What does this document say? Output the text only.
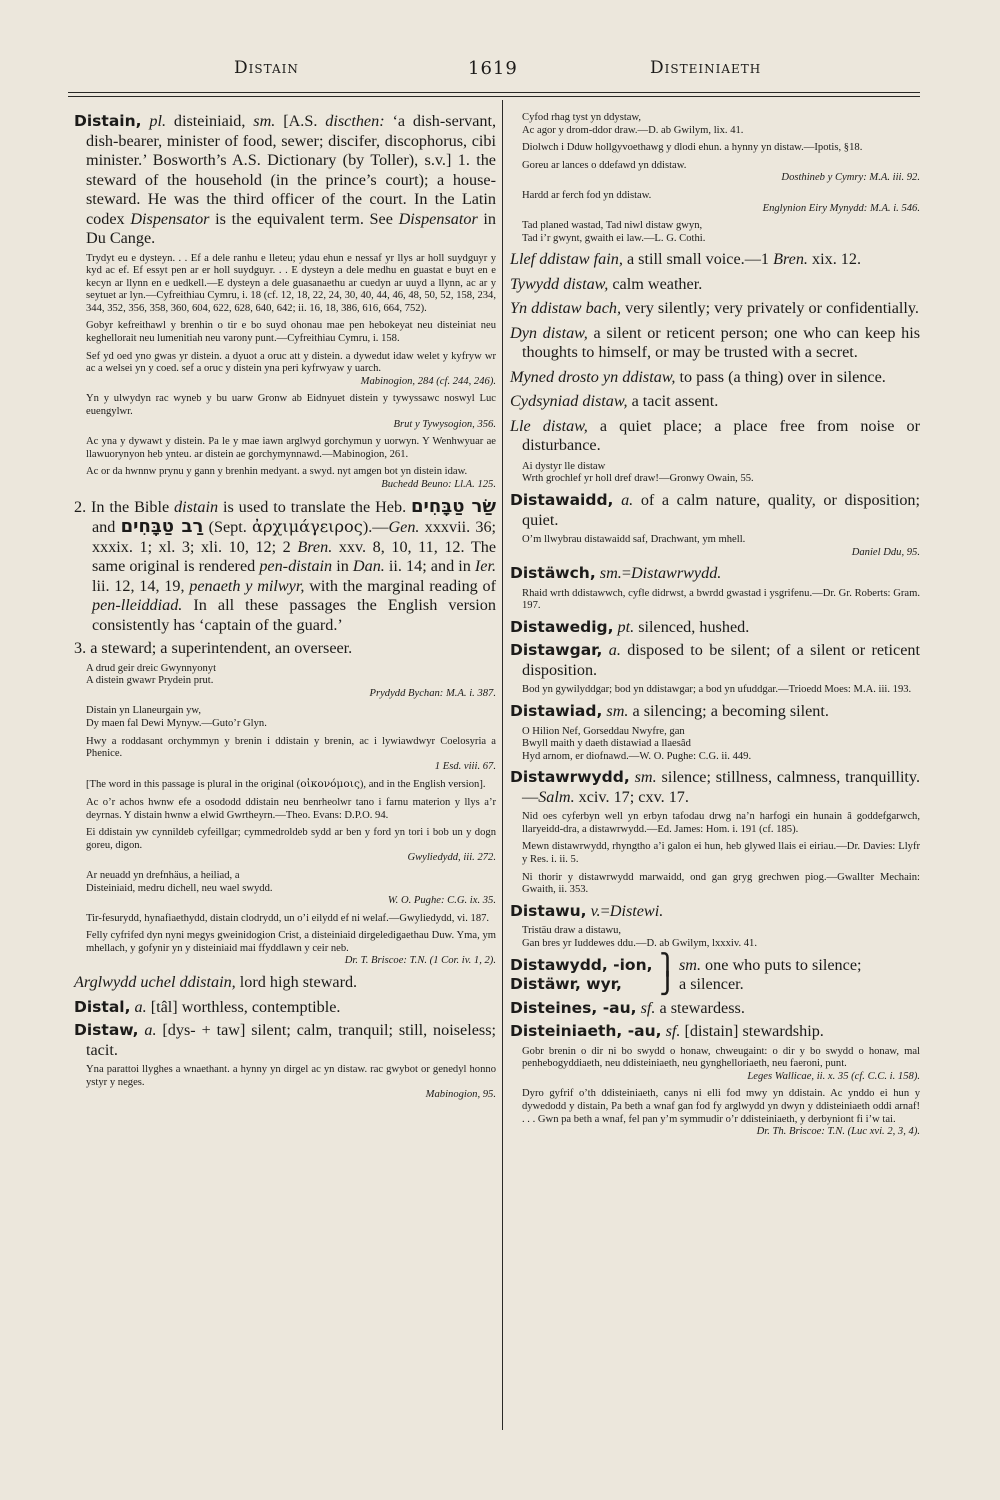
Distain	1619	Disteiniaeth

Distain, pl. disteiniaid, sm. [A.S. discthen: ‘a dish-servant, dish-bearer, minister of food, sewer; discifer, discophorus, cibi minister.’ Bosworth’s A.S. Dictionary (by Toller), s.v.] 1. the steward of the household (in the prince’s court); a house-steward. He was the third officer of the court. In the Latin codex Dispensator is the equivalent term. See Dispensator in Du Cange.

Trydyt eu e dysteyn. . . Ef a dele ranhu e lleteu; ydau ehun e nessaf yr llys ar holl suydguyr y kyd ac ef. Ef essyt pen ar er holl suydguyr. . . E dysteyn a dele medhu en guastat e buyt en e kecyn ar llynn en e uedkell.—E dysteyn a dele guasanaethu ar cuedyn ar uuyd a llynn, ac ar y seytuet ar lyn.—Cyfreithiau Cymru, i. 18 (cf. 12, 18, 22, 24, 30, 40, 44, 46, 48, 50, 52, 158, 234, 344, 352, 356, 358, 360, 604, 622, 628, 640, 642; ii. 16, 18, 386, 616, 664, 752).

Gobyr kefreithawl y brenhin o tir e bo suyd ohonau mae pen hebokeyat neu disteiniat neu keghellorait neu lumenitiah neu varony punt.—Cyfreithiau Cymru, i. 158.

Sef yd oed yno gwas yr distein. a dyuot a oruc att y distein. a dywedut idaw welet y kyfryw wr ac a welsei yn y coed. sef a oruc y distein yna peri kyfrwyaw y uarch.
Mabinogion, 284 (cf. 244, 246).

Yn y ulwydyn rac wyneb y bu uarw Gronw ab Eidnyuet distein y tywyssawc noswyl Luc euengylwr.
Brut y Tywysogion, 356.

Ac yna y dywawt y distein. Pa le y mae iawn arglwyd gorchymun y uorwyn. Y Wenhwyuar ae llawuorynyon heb ynteu. ar distein ae gorchymynnawd.—Mabinogion, 261.

Ac or da hwnnw prynu y gann y brenhin medyant. a swyd. nyt amgen bot yn distein idaw.
Buchedd Beuno: Ll.A. 125.

2. In the Bible distain is used to translate the Heb. שַׂר טַבָּחִים and רַב טַבָּחִים (Sept. ἀρχιμάγειρος).—Gen. xxxvii. 36; xxxix. 1; xl. 3; xli. 10, 12; 2 Bren. xxv. 8, 10, 11, 12. The same original is rendered pen-distain in Dan. ii. 14; and in Ier. lii. 12, 14, 19, penaeth y milwyr, with the marginal reading of pen-lleiddiad. In all these passages the English version consistently has ‘captain of the guard.’

3. a steward; a superintendent, an overseer.

A drud geir dreic Gwynnyonyt
A distein gwawr Prydein prut.
Prydydd Bychan: M.A. i. 387.

Distain yn Llaneurgain yw,
Dy maen fal Dewi Mynyw.—Guto’r Glyn.

Hwy a roddasant orchymmyn y brenin i ddistain y brenin, ac i lywiawdwyr Coelosyria a Phenice.
1 Esd. viii. 67.

[The word in this passage is plural in the original (οἰκονόμοις), and in the English version].

Ac o’r achos hwnw efe a osododd ddistain neu benrheolwr tano i farnu materion y llys a’r deyrnas. Y distain hwnw a elwid Gwrtheyrn.—Theo. Evans: D.P.O. 94.

Ei ddistain yw cynnildeb cyfeillgar; cymmedroldeb sydd ar ben y ford yn tori i bob un y dogn goreu, digon.
Gwyliedydd, iii. 272.

Ar neuadd yn drefnhäus, a heiliad, a
Disteiniaid, medru dichell, neu wael swydd.
W. O. Pughe: C.G. ix. 35.

Tir-fesurydd, hynafiaethydd, distain clodrydd, un o’i eilydd ef ni welaf.—Gwyliedydd, vi. 187.

Felly cyfrifed dyn nyni megys gweinidogion Crist, a disteiniaid dirgeledigaethau Duw. Yma, ym mhellach, y gofynir yn y disteiniaid mai ffyddlawn y ceir neb.
Dr. T. Briscoe: T.N. (1 Cor. iv. 1, 2).

Arglwydd uchel ddistain, lord high steward.

Distal, a. [tâl] worthless, contemptible.

Distaw, a. [dys- + taw] silent; calm, tranquil; still, noiseless; tacit.

Yna parattoi llyghes a wnaethant. a hynny yn dirgel ac yn distaw. rac gwybot or genedyl honno ystyr y neges.
Mabinogion, 95.

Cyfod rhag tyst yn ddystaw,
Ac agor y drom-ddor draw.—D. ab Gwilym, lix. 41.

Diolwch i Dduw hollgyvoethawg y dlodi ehun. a hynny yn distaw.—Ipotis, §18.

Goreu ar lances o ddefawd yn ddistaw.
Dosthineb y Cymry: M.A. iii. 92.

Hardd ar ferch fod yn ddistaw.
Englynion Eiry Mynydd: M.A. i. 546.

Tad planed wastad, Tad niwl distaw gwyn,
Tad i’r gwynt, gwaith ei law.—L. G. Cothi.

Llef ddistaw fain, a still small voice.—1 Bren. xix. 12.

Tywydd distaw, calm weather.

Yn ddistaw bach, very silently; very privately or confidentially.

Dyn distaw, a silent or reticent person; one who can keep his thoughts to himself, or may be trusted with a secret.

Myned drosto yn ddistaw, to pass (a thing) over in silence.

Cydsyniad distaw, a tacit assent.

Lle distaw, a quiet place; a place free from noise or disturbance.

Ai dystyr lle distaw
Wrth grochlef yr holl dref draw!—Gronwy Owain, 55.

Distawaidd, a. of a calm nature, quality, or disposition; quiet.

O’m llwybrau distawaidd saf, Drachwant, ym mhell.
Daniel Ddu, 95.

Distäwch, sm.=Distawrwydd.

Rhaid wrth ddistawwch, cyfle didrwst, a bwrdd gwastad i ysgrifenu.—Dr. Gr. Roberts: Gram. 197.

Distawedig, pt. silenced, hushed.

Distawgar, a. disposed to be silent; of a silent or reticent disposition.

Bod yn gywilyddgar; bod yn ddistawgar; a bod yn ufuddgar.—Trioedd Moes: M.A. iii. 193.

Distawiad, sm. a silencing; a becoming silent.

O Hilion Nef, Gorseddau Nwyfre, gan
Bwyll maith y daeth distawiad a llaesâd
Hyd arnom, er diofnawd.—W. O. Pughe: C.G. ii. 449.

Distawrwydd, sm. silence; stillness, calmness, tranquillity.—Salm. xciv. 17; cxv. 17.

Nid oes cyferbyn well yn erbyn tafodau drwg na’n harfogi ein hunain â goddefgarwch, llaryeidd-dra, a distawrwydd.—Ed. James: Hom. i. 191 (cf. 185).

Mewn distawrwydd, rhyngtho a’i galon ei hun, heb glywed llais ei eiriau.—Dr. Davies: Llyfr y Res. i. ii. 5.

Ni thorir y distawrwydd marwaidd, ond gan gryg grechwen piog.—Gwallter Mechain: Gwaith, ii. 353.

Distawu, v.=Distewi.

Tristäu draw a distawu,
Gan bres yr Iuddewes ddu.—D. ab Gwilym, lxxxiv. 41.

Distawydd, -ion, ⎫ sm. one who puts to silence;
Distäwr, wyr,	⎭ a silencer.

Disteines, -au, sf. a stewardess.

Disteiniaeth, -au, sf. [distain] stewardship.

Gobr brenin o dir ni bo swydd o honaw, chweugaint: o dir y bo swydd o honaw, mal penhebogyddiaeth, neu ddisteiniaeth, neu gynghelloriaeth, neu faeroni, punt.
Leges Wallicae, ii. x. 35 (cf. C.C. i. 158).

Dyro gyfrif o’th ddisteiniaeth, canys ni elli fod mwy yn ddistain. Ac ynddo ei hun y dywedodd y distain, Pa beth a wnaf gan fod fy arglwydd yn dwyn y ddisteiniaeth oddi arnaf! . . . Gwn pa beth a wnaf, fel pan y’m symmudir o’r ddisteiniaeth, y derbyniont fi i’w tai.
Dr. Th. Briscoe: T.N. (Luc xvi. 2, 3, 4).
